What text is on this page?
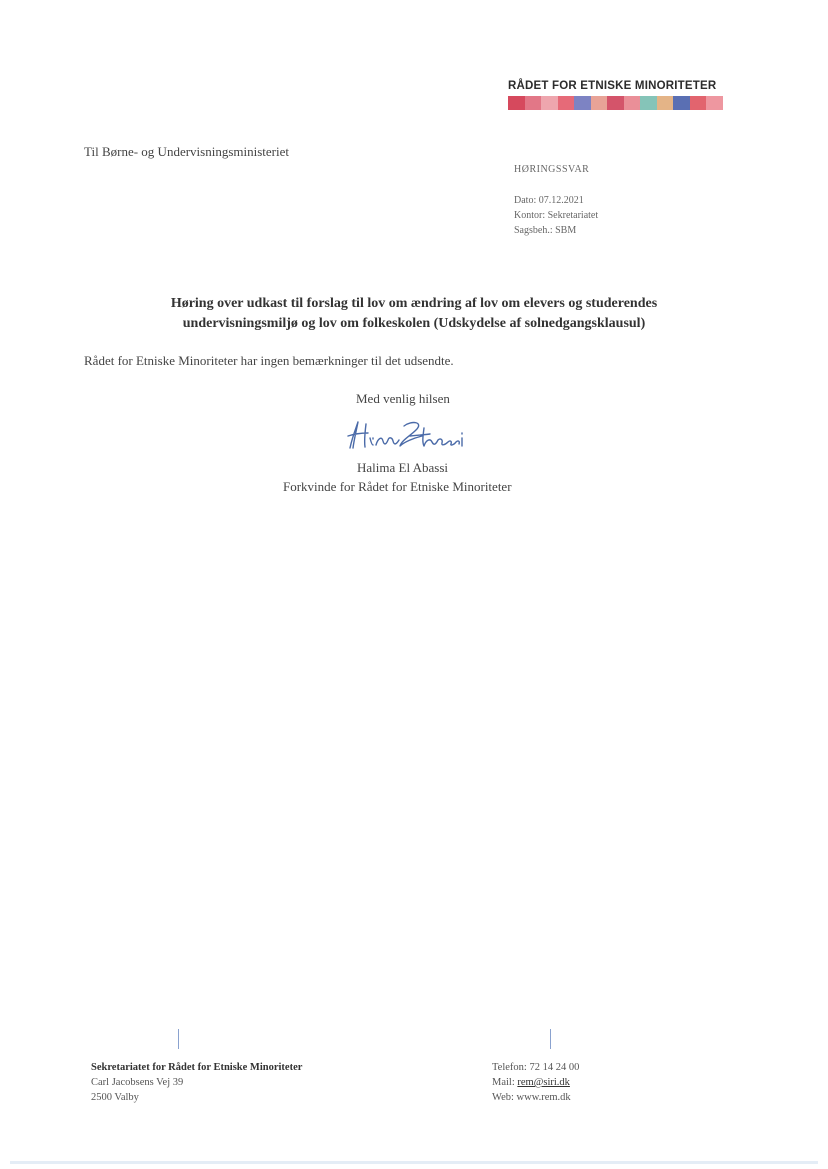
RÅDET FOR ETNISKE MINORITETER
Til Børne- og Undervisningsministeriet
HØRINGSSVAR
Dato: 07.12.2021
Kontor: Sekretariatet
Sagsbeh.: SBM
Høring over udkast til forslag til lov om ændring af lov om elevers og studerendes
undervisningsmiljø og lov om folkeskolen (Udskydelse af solnedgangsklausul)
Rådet for Etniske Minoriteter har ingen bemærkninger til det udsendte.
Med venlig hilsen
Halima El Abassi
Forkvinde for Rådet for Etniske Minoriteter
Sekretariatet for Rådet for Etniske Minoriteter
Carl Jacobsens Vej 39
2500 Valby
Telefon: 72 14 24 00
Mail: rem@siri.dk
Web: www.rem.dk
